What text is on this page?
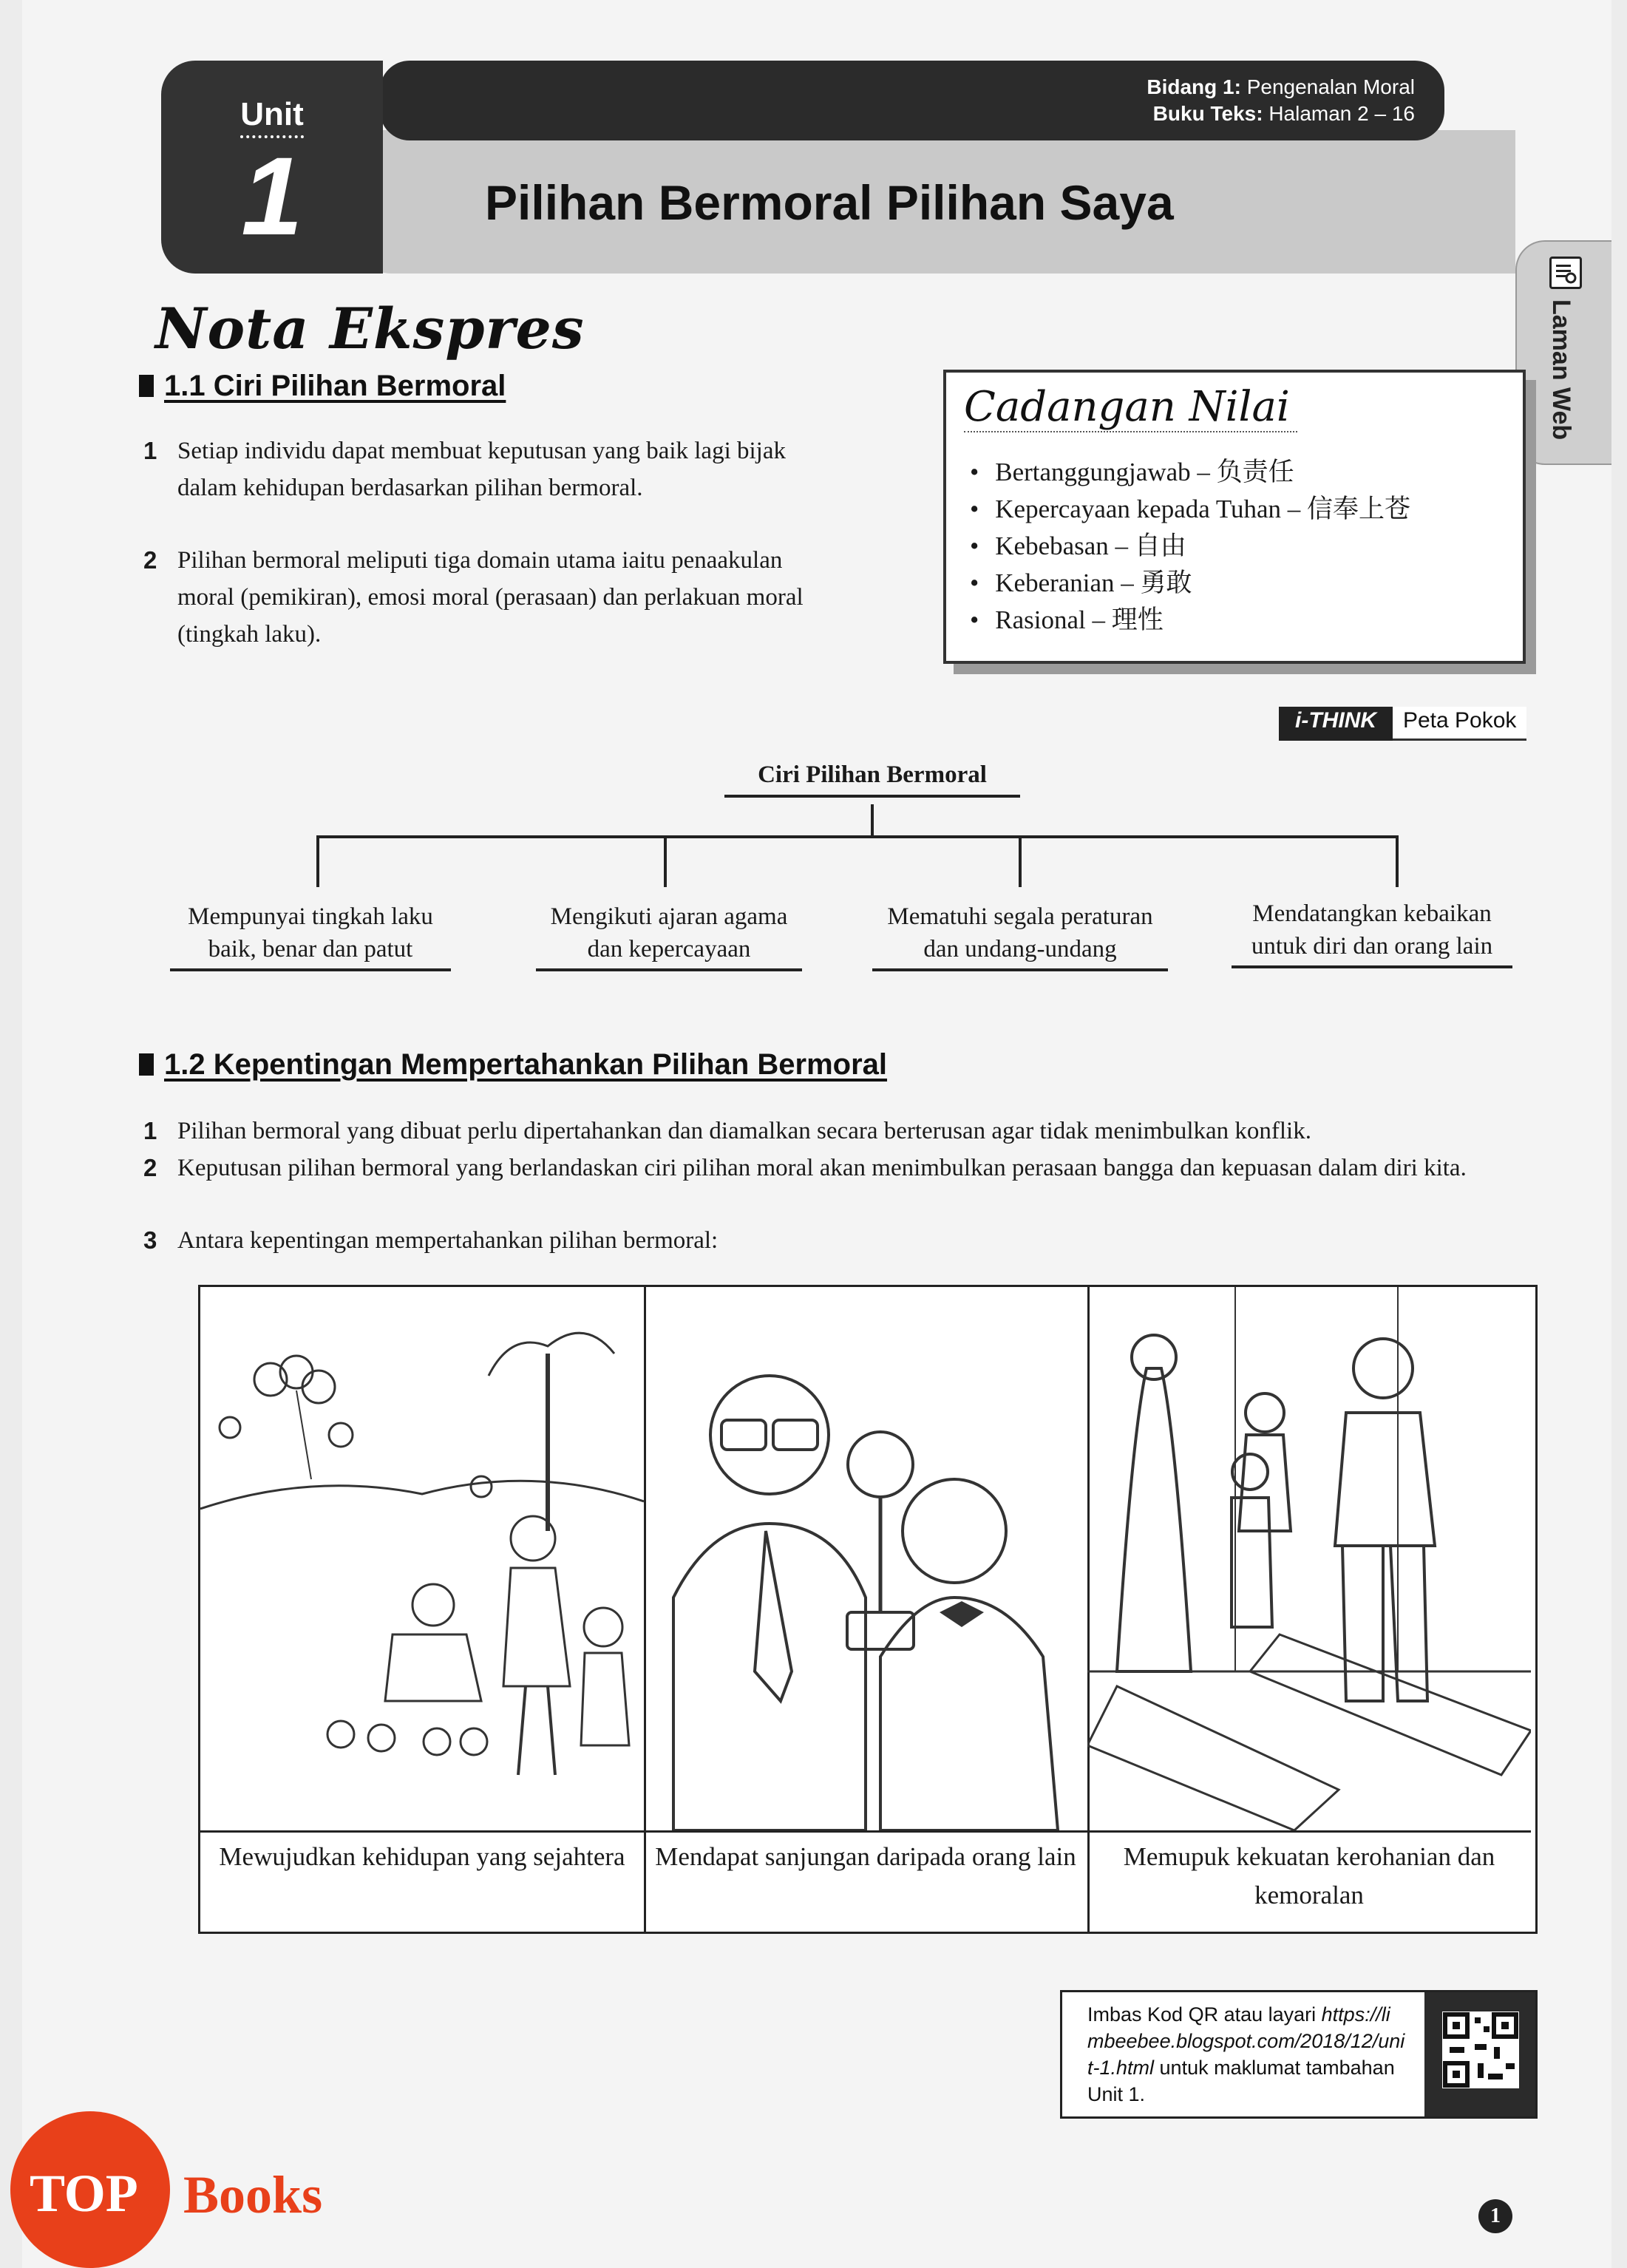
Bidang 1: Pengenalan Moral
Buku Teks: Halaman 2 – 16
Unit
1	Pilihan Bermoral Pilihan Saya
Laman Web
Nota Ekspres
1.1 Ciri Pilihan Bermoral
1 Setiap individu dapat membuat keputusan yang baik lagi bijak dalam kehidupan berdasarkan pilihan bermoral.
2 Pilihan bermoral meliputi tiga domain utama iaitu penaakulan moral (pemikiran), emosi moral (perasaan) dan perlakuan moral (tingkah laku).
Cadangan Nilai
• Bertanggungjawab – 负责任
• Kepercayaan kepada Tuhan – 信奉上苍
• Kebebasan – 自由
• Keberanian – 勇敢
• Rasional – 理性
i-THINK	Peta Pokok
Ciri Pilihan Bermoral
Mempunyai tingkah laku baik, benar dan patut
Mengikuti ajaran agama dan kepercayaan
Mematuhi segala peraturan dan undang-undang
Mendatangkan kebaikan untuk diri dan orang lain
1.2 Kepentingan Mempertahankan Pilihan Bermoral
1 Pilihan bermoral yang dibuat perlu dipertahankan dan diamalkan secara berterusan agar tidak menimbulkan konflik.
2 Keputusan pilihan bermoral yang berlandaskan ciri pilihan moral akan menimbulkan perasaan bangga dan kepuasan dalam diri kita.
3 Antara kepentingan mempertahankan pilihan bermoral:
Mewujudkan kehidupan yang sejahtera	Mendapat sanjungan daripada orang lain	Memupuk kekuatan kerohanian dan kemoralan
Imbas Kod QR atau layari https://limbeebee.blogspot.com/2018/12/unit-1.html untuk maklumat tambahan Unit 1.
1
TOP Books
